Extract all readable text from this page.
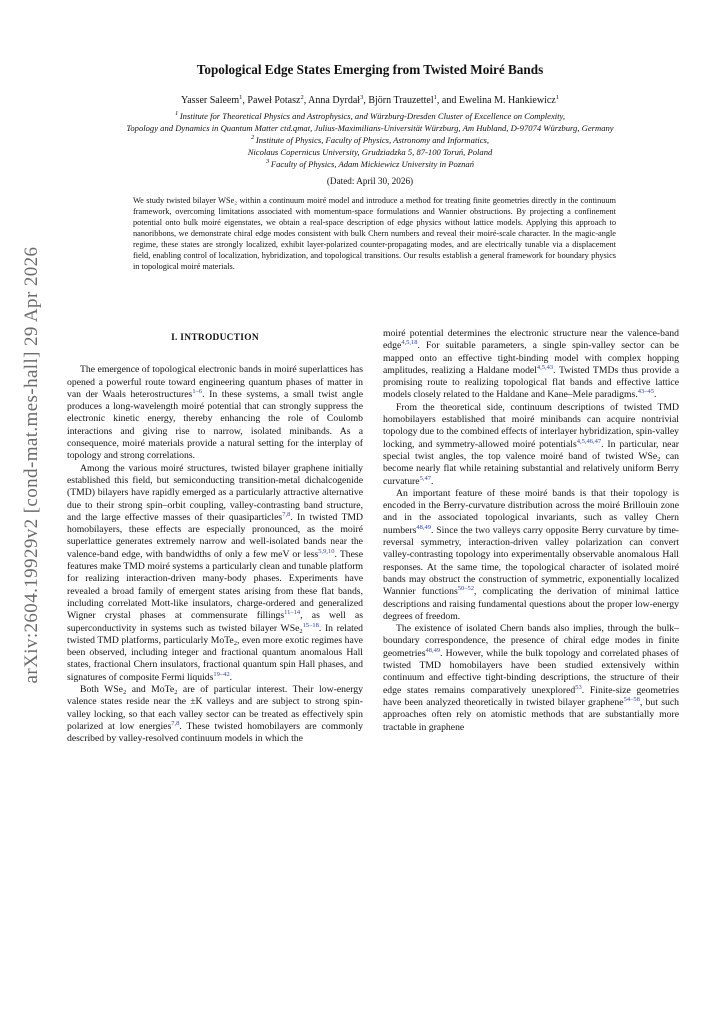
arXiv:2604.19929v2 [cond-mat.mes-hall] 29 Apr 2026
Topological Edge States Emerging from Twisted Moiré Bands
Yasser Saleem$^1$, Paweł Potasz$^2$, Anna Dyrdał$^3$, Björn Trauzettel$^1$, and Ewelina M. Hankiewicz$^1$
$^1$ Institute for Theoretical Physics and Astrophysics, and Würzburg-Dresden Cluster of Excellence on Complexity,
Topology and Dynamics in Quantum Matter ctd.qmat, Julius-Maximilians-Universität Würzburg, Am Hubland, D-97074 Würzburg, Germany
$^2$ Institute of Physics, Faculty of Physics, Astronomy and Informatics,
Nicolaus Copernicus University, Grudziadzka 5, 87-100 Toruń, Poland
$^3$ Faculty of Physics, Adam Mickiewicz University in Poznań
(Dated: April 30, 2026)
We study twisted bilayer WSe₂ within a continuum moiré model and introduce a method for treating finite geometries directly in the continuum framework, overcoming limitations associated with momentum-space formulations and Wannier obstructions. By projecting a confinement potential onto bulk moiré eigenstates, we obtain a real-space description of edge physics without lattice models. Applying this approach to nanoribbons, we demonstrate chiral edge modes consistent with bulk Chern numbers and reveal their moiré-scale character. In the magic-angle regime, these states are strongly localized, exhibit layer-polarized counter-propagating modes, and are electrically tunable via a displacement field, enabling control of localization, hybridization, and topological transitions. Our results establish a general framework for boundary physics in topological moiré materials.
I. INTRODUCTION

The emergence of topological electronic bands in moiré superlattices has opened a powerful route toward engineering quantum phases of matter in van der Waals heterostructures$^{1-6}$. In these systems, a small twist angle produces a long-wavelength moiré potential that can strongly suppress the electronic kinetic energy, thereby enhancing the role of Coulomb interactions and giving rise to narrow, isolated minibands. As a consequence, moiré materials provide a natural setting for the interplay of topology and strong correlations.

Among the various moiré structures, twisted bilayer graphene initially established this field, but semiconducting transition-metal dichalcogenide (TMD) bilayers have rapidly emerged as a particularly attractive alternative due to their strong spin–orbit coupling, valley-contrasting band structure, and the large effective masses of their quasiparticles$^{7,8}$. In twisted TMD homobilayers, these effects are especially pronounced, as the moiré superlattice generates extremely narrow and well-isolated bands near the valence-band edge, with bandwidths of only a few meV or less$^{5,9,10}$. These features make TMD moiré systems a particularly clean and tunable platform for realizing interaction-driven many-body phases. Experiments have revealed a broad family of emergent states arising from these flat bands, including correlated Mott-like insulators, charge-ordered and generalized Wigner crystal phases at commensurate fillings$^{11-14}$, as well as superconductivity in systems such as twisted bilayer WSe$_2^{15-18}$. In related twisted TMD platforms, particularly MoTe$_2$, even more exotic regimes have been observed, including integer and fractional quantum anomalous Hall states, fractional Chern insulators, fractional quantum spin Hall phases, and signatures of composite Fermi liquids$^{19-42}$.

Both WSe$_2$ and MoTe$_2$ are of particular interest. Their low-energy valence states reside near the ±K valleys and are subject to strong spin-valley locking, so that each valley sector can be treated as effectively spin polarized at low energies$^{7,8}$. These twisted homobilayers are commonly described by valley-resolved continuum models in which the

moiré potential determines the electronic structure near the valence-band edge$^{4,5,18}$. For suitable parameters, a single spin-valley sector can be mapped onto an effective tight-binding model with complex hopping amplitudes, realizing a Haldane model$^{4,5,43}$. Twisted TMDs thus provide a promising route to realizing topological flat bands and effective lattice models closely related to the Haldane and Kane–Mele paradigms.$^{43-45}$.

From the theoretical side, continuum descriptions of twisted TMD homobilayers established that moiré minibands can acquire nontrivial topology due to the combined effects of interlayer hybridization, spin-valley locking, and symmetry-allowed moiré potentials$^{4,5,46,47}$. In particular, near special twist angles, the top valence moiré band of twisted WSe$_2$ can become nearly flat while retaining substantial and relatively uniform Berry curvature$^{5,47}$.

An important feature of these moiré bands is that their topology is encoded in the Berry-curvature distribution across the moiré Brillouin zone and in the associated topological invariants, such as valley Chern numbers$^{48,49}$. Since the two valleys carry opposite Berry curvature by time-reversal symmetry, interaction-driven valley polarization can convert valley-contrasting topology into experimentally observable anomalous Hall responses. At the same time, the topological character of isolated moiré bands may obstruct the construction of symmetric, exponentially localized Wannier functions$^{50-52}$, complicating the derivation of minimal lattice descriptions and raising fundamental questions about the proper low-energy degrees of freedom.

The existence of isolated Chern bands also implies, through the bulk–boundary correspondence, the presence of chiral edge modes in finite geometries$^{48,49}$. However, while the bulk topology and correlated phases of twisted TMD homobilayers have been studied extensively within continuum and effective tight-binding descriptions, the structure of their edge states remains comparatively unexplored$^{53}$. Finite-size geometries have been analyzed theoretically in twisted bilayer graphene$^{54-58}$, but such approaches often rely on atomistic methods that are substantially more tractable in graphene
